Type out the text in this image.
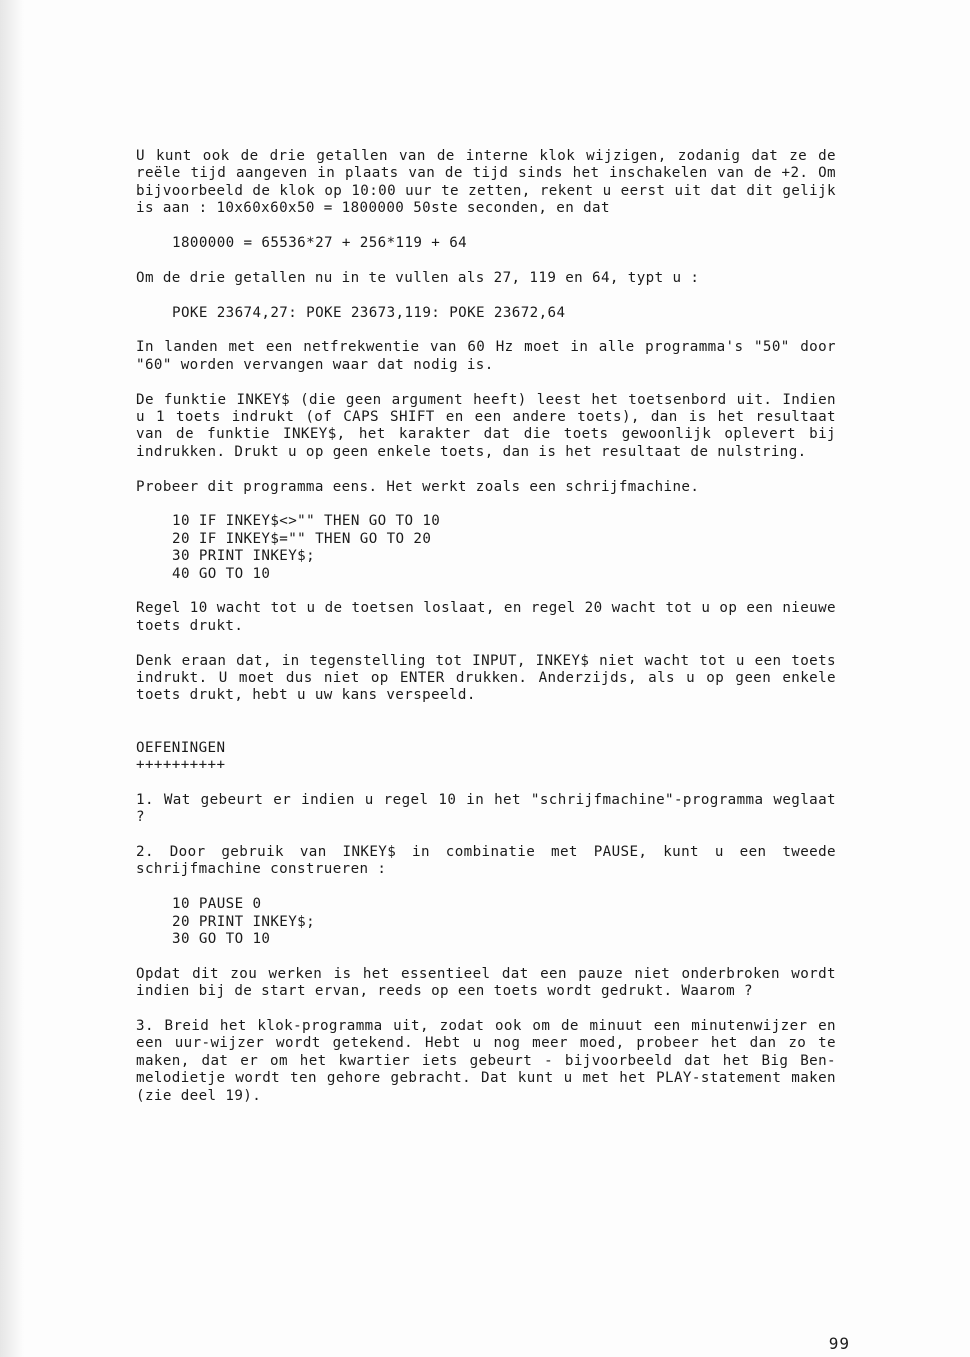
U kunt ook de drie getallen van de interne klok wijzigen, zodanig dat ze de reële tijd aangeven in plaats van de tijd sinds het inschakelen van de +2. Om bijvoorbeeld de klok op 10:00 uur te zetten, rekent u eerst uit dat dit gelijk is aan : 10x60x60x50 = 1800000 50ste seconden, en dat

1800000 = 65536*27 + 256*119 + 64

Om de drie getallen nu in te vullen als 27, 119 en 64, typt u :

POKE 23674,27: POKE 23673,119: POKE 23672,64

In landen met een netfrekwentie van 60 Hz moet in alle programma's "50" door "60" worden vervangen waar dat nodig is.

De funktie INKEY$ (die geen argument heeft) leest het toetsenbord uit. Indien u 1 toets indrukt (of CAPS SHIFT en een andere toets), dan is het resultaat van de funktie INKEY$, het karakter dat die toets gewoonlijk oplevert bij indrukken. Drukt u op geen enkele toets, dan is het resultaat de nulstring.

Probeer dit programma eens. Het werkt zoals een schrijfmachine.

10 IF INKEY$<>"" THEN GO TO 10

20 IF INKEY$="" THEN GO TO 20

30 PRINT INKEY$;

40 GO TO 10

Regel 10 wacht tot u de toetsen loslaat, en regel 20 wacht tot u op een nieuwe toets drukt.

Denk eraan dat, in tegenstelling tot INPUT, INKEY$ niet wacht tot u een toets indrukt. U moet dus niet op ENTER drukken. Anderzijds, als u op geen enkele toets drukt, hebt u uw kans verspeeld.

OEFENINGEN

++++++++++

1. Wat gebeurt er indien u regel 10 in het "schrijfmachine"-programma weglaat ?

2. Door gebruik van INKEY$ in combinatie met PAUSE, kunt u een tweede schrijfmachine construeren :

10 PAUSE 0

20 PRINT INKEY$;

30 GO TO 10

Opdat dit zou werken is het essentieel dat een pauze niet onderbroken wordt indien bij de start ervan, reeds op een toets wordt gedrukt. Waarom ?

3. Breid het klok-programma uit, zodat ook om de minuut een minutenwijzer en een uur-wijzer wordt getekend. Hebt u nog meer moed, probeer het dan zo te maken, dat er om het kwartier iets gebeurt - bijvoorbeeld dat het Big Ben-melodietje wordt ten gehore gebracht. Dat kunt u met het PLAY-statement maken (zie deel 19).

99
